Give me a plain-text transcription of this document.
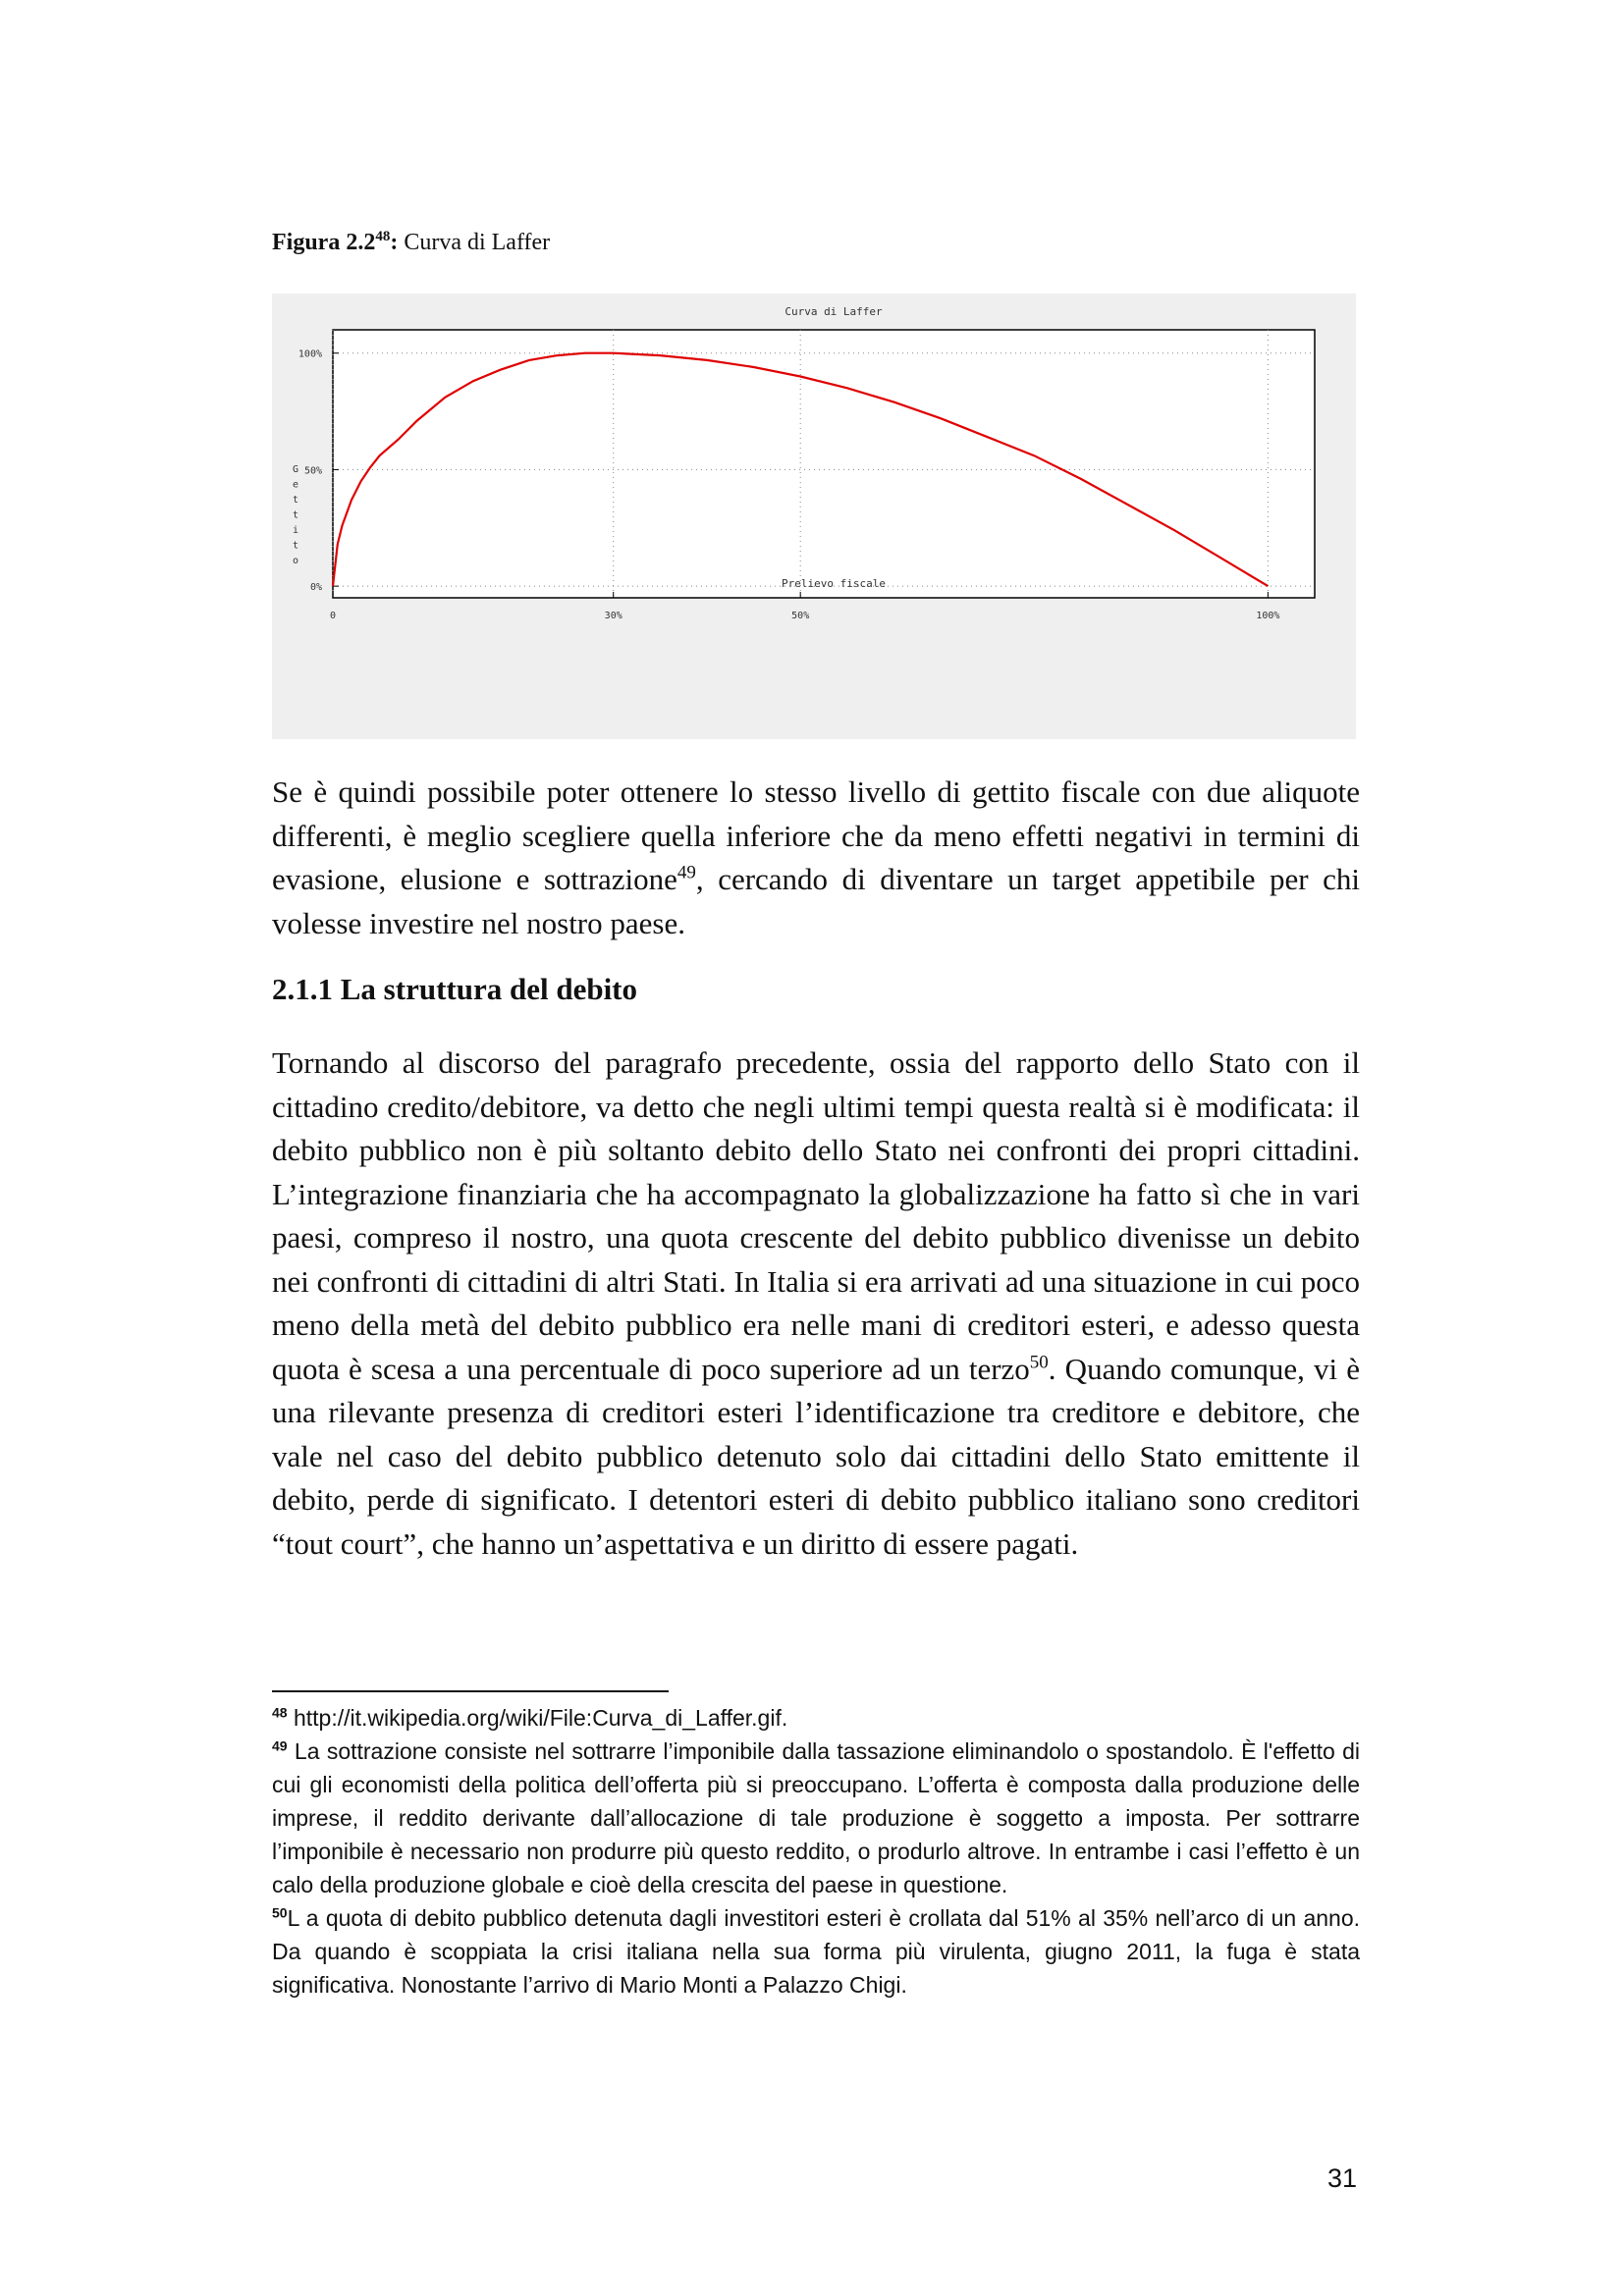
Figura $2.2^{48}$: Curva di Laffer
Curva di Laffer
0	30%	50%	100%
0%
50%
100%
G
e
t
t
i
t
o
Prelievo fiscale
Se è quindi possibile poter ottenere lo stesso livello di gettito fiscale con due aliquote differenti, è meglio scegliere quella inferiore che da meno effetti negativi in termini di evasione, elusione e sottrazione$^{49}$, cercando di diventare un target appetibile per chi volesse investire nel nostro paese.
2.1.1 La struttura del debito
Tornando al discorso del paragrafo precedente, ossia del rapporto dello Stato con il cittadino credito/debitore, va detto che negli ultimi tempi questa realtà si è modificata: il debito pubblico non è più soltanto debito dello Stato nei confronti dei propri cittadini. L’integrazione finanziaria che ha accompagnato la globalizzazione ha fatto sì che in vari paesi, compreso il nostro, una quota crescente del debito pubblico divenisse un debito nei confronti di cittadini di altri Stati. In Italia si era arrivati ad una situazione in cui poco meno della metà del debito pubblico era nelle mani di creditori esteri, e adesso questa quota è scesa a una percentuale di poco superiore ad un terzo$^{50}$. Quando comunque, vi è una rilevante presenza di creditori esteri l’identificazione tra creditore e debitore, che vale nel caso del debito pubblico detenuto solo dai cittadini dello Stato emittente il debito, perde di significato. I detentori esteri di debito pubblico italiano sono creditori “tout court”, che hanno un’aspettativa e un diritto di essere pagati.

$^{48}$ http://it.wikipedia.org/wiki/File:Curva_di_Laffer.gif.

$^{49}$ La sottrazione consiste nel sottrarre l’imponibile dalla tassazione eliminandolo o spostandolo. È l'effetto di cui gli economisti della politica dell’offerta più si preoccupano. L’offerta è composta dalla produzione delle imprese, il reddito derivante dall’allocazione di tale produzione è soggetto a imposta. Per sottrarre l’imponibile è necessario non produrre più questo reddito, o produrlo altrove. In entrambe i casi l’effetto è un calo della produzione globale e cioè della crescita del paese in questione.

$^{50}$L a quota di debito pubblico detenuta dagli investitori esteri è crollata dal 51% al 35% nell’arco di un anno. Da quando è scoppiata la crisi italiana nella sua forma più virulenta, giugno 2011, la fuga è stata significativa. Nonostante l’arrivo di Mario Monti a Palazzo Chigi.

31
